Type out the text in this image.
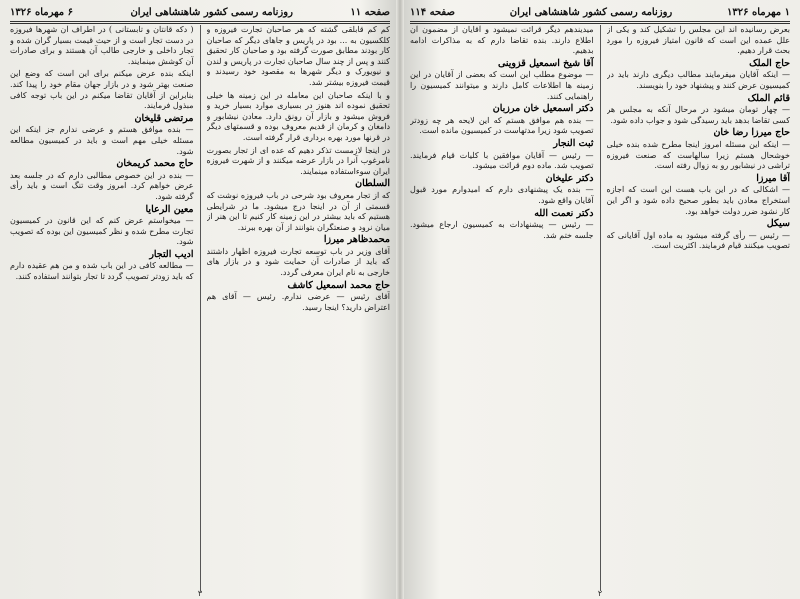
صفحه ۱۱
روزنامه رسمی کشور شاهنشاهی ایران
۶ مهرماه ۱۳۲۶

کم کم قابلقی گشته که هر صاحبان تجارت فیروزه و کلکسیون به ... بود در پاریس و جاهای دیگر که صاحبان کار بودند مطابق صورت گرفته بود و صاحبان کار تحقیق کنند و پس از چند سال صاحبان تجارت در پاریس و لندن و نیویورک و دیگر شهرها به مقصود خود رسیدند و قیمت فیروزه بیشتر شد.

و با اینکه صاحبان این معامله در این زمینه ها خیلی تحقیق نموده اند هنوز در بسیاری موارد بسیار خرید و فروش میشود و بازار آن رونق دارد. معادن نیشابور و دامغان و کرمان از قدیم معروف بوده و قسمتهای دیگر در قرنها مورد بهره برداری قرار گرفته است.

در اینجا لازمست تذکر دهیم که عده ای از تجار بصورت نامرغوب آنرا در بازار عرضه میکنند و از شهرت فیروزه ایران سوءاستفاده مینمایند.

السلطان

که از تجار معروف بود شرحی در باب فیروزه نوشت که قسمتی از آن در اینجا درج میشود. ما در شرایطی هستیم که باید بیشتر در این زمینه کار کنیم تا این هنر از میان نرود و صنعتگران بتوانند از آن بهره ببرند.

محمدظاهر میرزا

آقای وزیر در باب توسعه تجارت فیروزه اظهار داشتند که باید از صادرات آن حمایت شود و در بازار های خارجی به نام ایران معرفی گردد.

حاج محمد اسمعیل کاشف

آقای رئیس — عرضی ندارم. رئیس — آقای هم اعتراض دارید؟ اینجا رسید.

( دکه قانتان و تابستانی ) در اطراف آن شهرها فیروزه در دست تجار است و از حیث قیمت بسیار گران شده و تجار داخلی و خارجی طالب آن هستند و برای صادرات آن کوشش مینمایند.

اینکه بنده عرض میکنم برای این است که وضع این صنعت بهتر شود و در بازار جهان مقام خود را پیدا کند. بنابراین از آقایان تقاضا میکنم در این باب توجه کافی مبذول فرمایند.

مرتضی قلیخان

— بنده موافق هستم و عرضی ندارم جز اینکه این مسئله خیلی مهم است و باید در کمیسیون مطالعه شود.

حاج محمد کریمخان

— بنده در این خصوص مطالبی دارم که در جلسه بعد عرض خواهم کرد. امروز وقت تنگ است و باید رأی گرفته شود.

معین الرعایا

— میخواستم عرض کنم که این قانون در کمیسیون تجارت مطرح شده و نظر کمیسیون این بوده که تصویب شود.

ادیب التجار

— مطالعه کافی در این باب شده و من هم عقیده دارم که باید زودتر تصویب گردد تا تجار بتوانند استفاده کنند.

۳
۱ مهرماه ۱۳۲۶
روزنامه رسمی کشور شاهنشاهی ایران
صفحه ۱۱۴

بعرض رسانیده اند این مجلس را تشکیل کند و یکی از علل عمده این است که قانون امتیاز فیروزه را مورد بحث قرار دهیم.

حاج الملک

— اینکه آقایان میفرمایند مطالب دیگری دارند باید در کمیسیون عرض کنند و پیشنهاد خود را بنویسند.

قائم الملک

— چهار تومان میشود در مرحال آنکه به مجلس هر کسی تقاضا بدهد باید رسیدگی شود و جواب داده شود.

حاج میرزا رضا خان

— اینکه این مسئله امروز اینجا مطرح شده بنده خیلی خوشحال هستم زیرا سالهاست که صنعت فیروزه تراشی در نیشابور رو به زوال رفته است.

آقا میرزا

— اشکالی که در این باب هست این است که اجازه استخراج معادن باید بطور صحیح داده شود و اگر این کار نشود ضرر دولت خواهد بود.

سیکل

— رئیس — رأی گرفته میشود به ماده اول آقایانی که تصویب میکنند قیام فرمایند. اکثریت است.

میدیندهم دیگر قرائت نمیشود و آقایان از مضمون آن اطلاع دارند. بنده تقاضا دارم که به مذاکرات ادامه بدهیم.

آقا شیخ اسمعیل قزوینی

— موضوع مطلب این است که بعضی از آقایان در این زمینه ها اطلاعات کامل دارند و میتوانند کمیسیون را راهنمایی کنند.

دکتر اسمعیل خان مرزبان

— بنده هم موافق هستم که این لایحه هر چه زودتر تصویب شود زیرا مدتهاست در کمیسیون مانده است.

ثبت النجار

— رئیس — آقایان موافقین با کلیات قیام فرمایند. تصویب شد. ماده دوم قرائت میشود.

دکتر علیخان

— بنده یک پیشنهادی دارم که امیدوارم مورد قبول آقایان واقع شود.

دکتر نعمت الله

— رئیس — پیشنهادات به کمیسیون ارجاع میشود. جلسه ختم شد.

۲
